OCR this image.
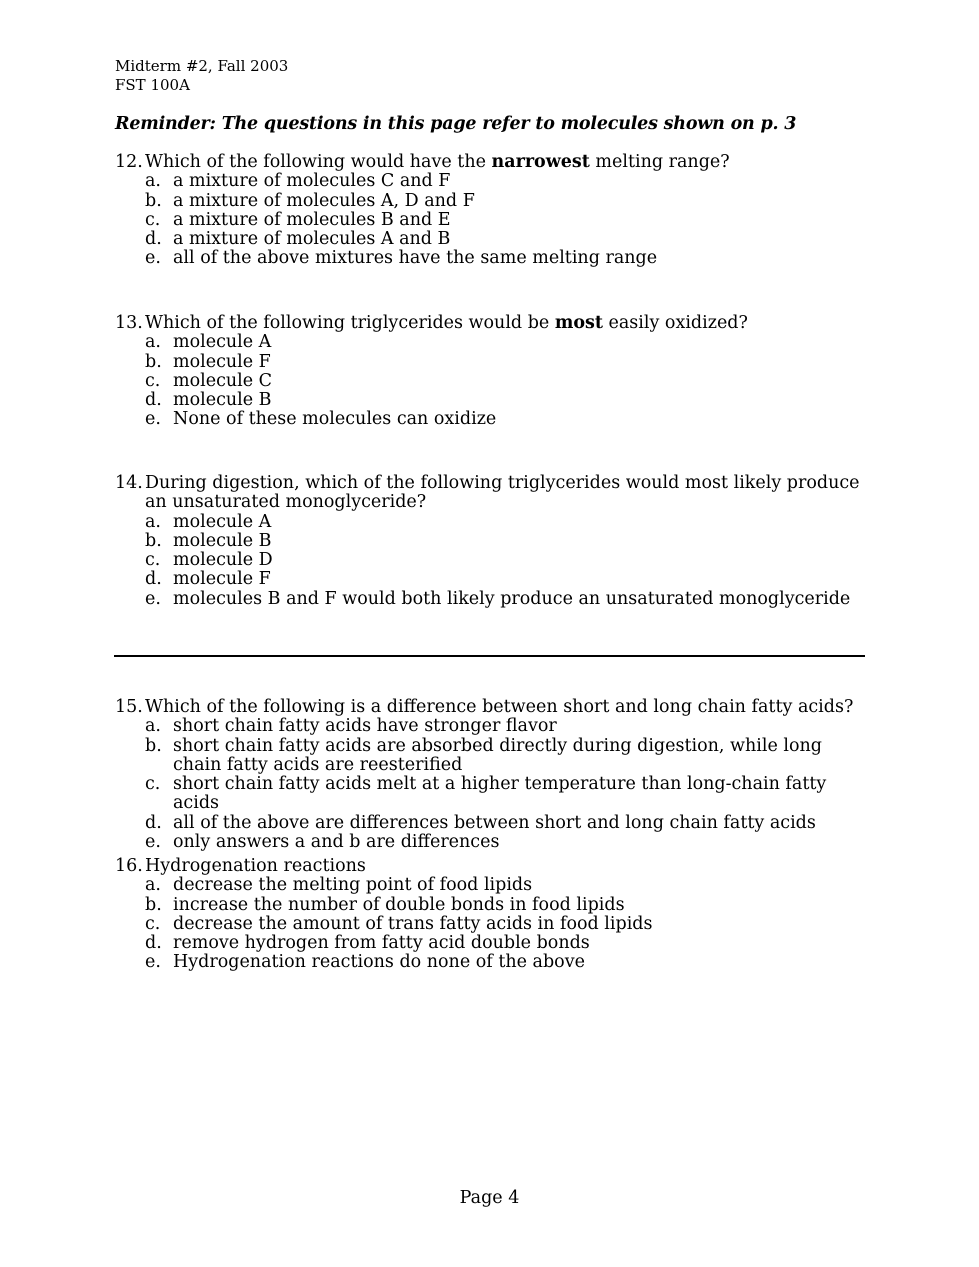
Midterm #2, Fall 2003
FST 100A
Reminder: The questions in this page refer to molecules shown on p. 3
12. Which of the following would have the narrowest melting range?
a. a mixture of molecules C and F
b. a mixture of molecules A, D and F
c. a mixture of molecules B and E
d. a mixture of molecules A and B
e. all of the above mixtures have the same melting range
13. Which of the following triglycerides would be most easily oxidized?
a. molecule A
b. molecule F
c. molecule C
d. molecule B
e. None of these molecules can oxidize
14. During digestion, which of the following triglycerides would most likely produce an unsaturated monoglyceride?
a. molecule A
b. molecule B
c. molecule D
d. molecule F
e. molecules B and F would both likely produce an unsaturated monoglyceride
15. Which of the following is a difference between short and long chain fatty acids?
a. short chain fatty acids have stronger flavor
b. short chain fatty acids are absorbed directly during digestion, while long chain fatty acids are reesterified
c. short chain fatty acids melt at a higher temperature than long-chain fatty acids
d. all of the above are differences between short and long chain fatty acids
e. only answers a and b are differences
16. Hydrogenation reactions
a. decrease the melting point of food lipids
b. increase the number of double bonds in food lipids
c. decrease the amount of trans fatty acids in food lipids
d. remove hydrogen from fatty acid double bonds
e. Hydrogenation reactions do none of the above
Page 4
